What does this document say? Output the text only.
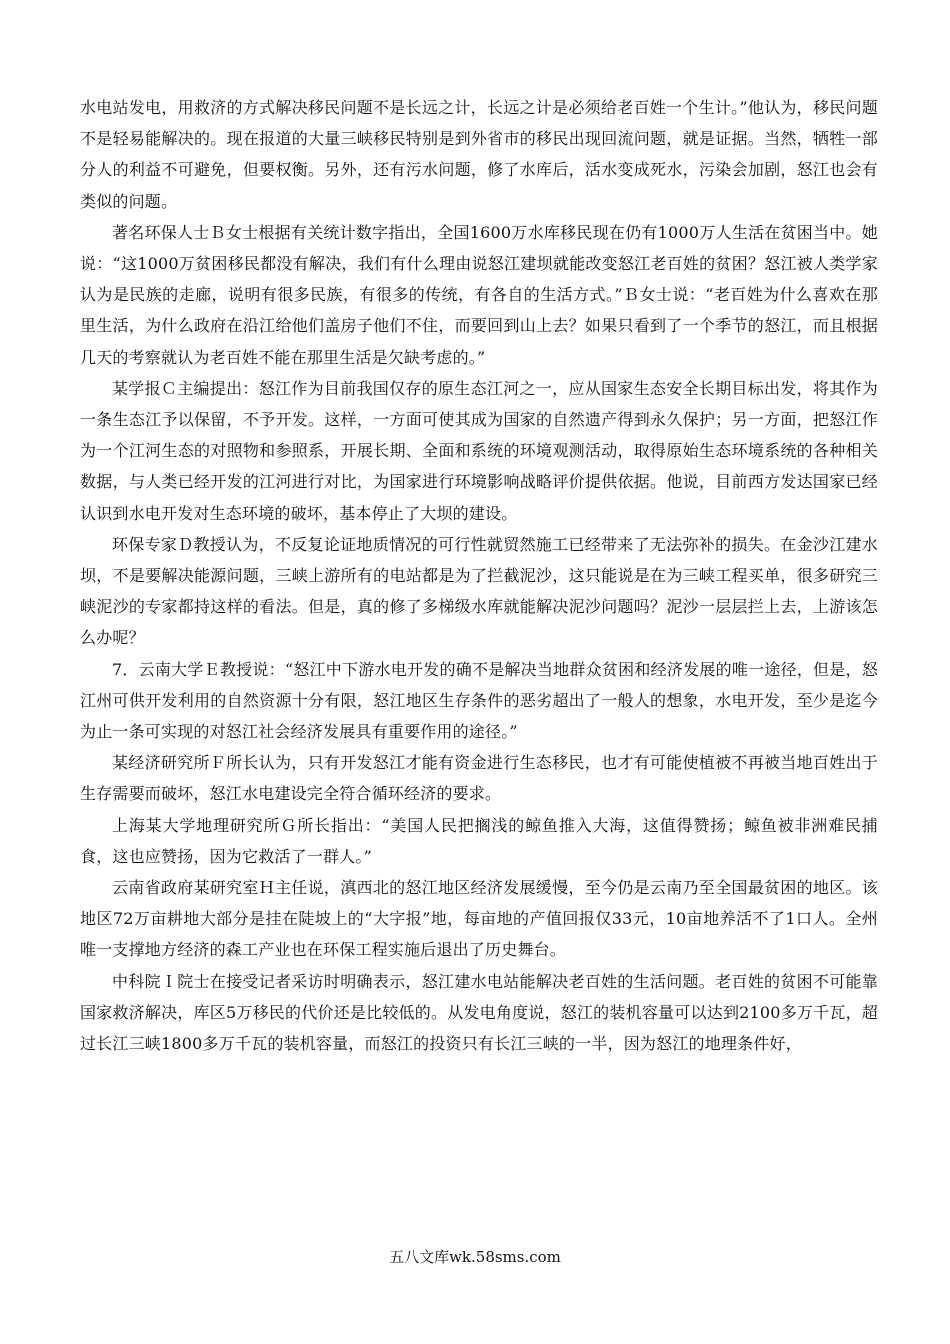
水电站发电，用救济的方式解决移民问题不是长远之计，长远之计是必须给老百姓一个生计。”他认为，移民问题不是轻易能解决的。现在报道的大量三峡移民特别是到外省市的移民出现回流问题，就是证据。当然，牺牲一部分人的利益不可避免，但要权衡。另外，还有污水问题，修了水库后，活水变成死水，污染会加剧，怒江也会有类似的问题。

著名环保人士Ｂ女士根据有关统计数字指出，全国1600万水库移民现在仍有1000万人生活在贫困当中。她说：“这1000万贫困移民都没有解决，我们有什么理由说怒江建坝就能改变怒江老百姓的贫困？怒江被人类学家认为是民族的走廊，说明有很多民族，有很多的传统，有各自的生活方式。”Ｂ女士说：“老百姓为什么喜欢在那里生活，为什么政府在沿江给他们盖房子他们不住，而要回到山上去？如果只看到了一个季节的怒江，而且根据几天的考察就认为老百姓不能在那里生活是欠缺考虑的。”

某学报Ｃ主编提出：怒江作为目前我国仅存的原生态江河之一，应从国家生态安全长期目标出发，将其作为一条生态江予以保留，不予开发。这样，一方面可使其成为国家的自然遗产得到永久保护；另一方面，把怒江作为一个江河生态的对照物和参照系，开展长期、全面和系统的环境观测活动，取得原始生态环境系统的各种相关数据，与人类已经开发的江河进行对比，为国家进行环境影响战略评价提供依据。他说，目前西方发达国家已经认识到水电开发对生态环境的破坏，基本停止了大坝的建设。

环保专家Ｄ教授认为，不反复论证地质情况的可行性就贸然施工已经带来了无法弥补的损失。在金沙江建水坝，不是要解决能源问题，三峡上游所有的电站都是为了拦截泥沙，这只能说是在为三峡工程买单，很多研究三峡泥沙的专家都持这样的看法。但是，真的修了多梯级水库就能解决泥沙问题吗？泥沙一层层拦上去，上游该怎么办呢？

7．云南大学Ｅ教授说：“怒江中下游水电开发的确不是解决当地群众贫困和经济发展的唯一途径，但是，怒江州可供开发利用的自然资源十分有限，怒江地区生存条件的恶劣超出了一般人的想象，水电开发，至少是迄今为止一条可实现的对怒江社会经济发展具有重要作用的途径。”

某经济研究所Ｆ所长认为，只有开发怒江才能有资金进行生态移民，也才有可能使植被不再被当地百姓出于生存需要而破坏，怒江水电建设完全符合循环经济的要求。

上海某大学地理研究所Ｇ所长指出：“美国人民把搁浅的鲸鱼推入大海，这值得赞扬；鲸鱼被非洲难民捕食，这也应赞扬，因为它救活了一群人。”

云南省政府某研究室Ｈ主任说，滇西北的怒江地区经济发展缓慢，至今仍是云南乃至全国最贫困的地区。该地区72万亩耕地大部分是挂在陡坡上的“大字报”地，每亩地的产值回报仅33元，10亩地养活不了1口人。全州唯一支撑地方经济的森工产业也在环保工程实施后退出了历史舞台。

中科院Ｉ院士在接受记者采访时明确表示，怒江建水电站能解决老百姓的生活问题。老百姓的贫困不可能靠国家救济解决，库区5万移民的代价还是比较低的。从发电角度说，怒江的装机容量可以达到2100多万千瓦，超过长江三峡1800多万千瓦的装机容量，而怒江的投资只有长江三峡的一半，因为怒江的地理条件好，

五八文库wk.58sms.com
